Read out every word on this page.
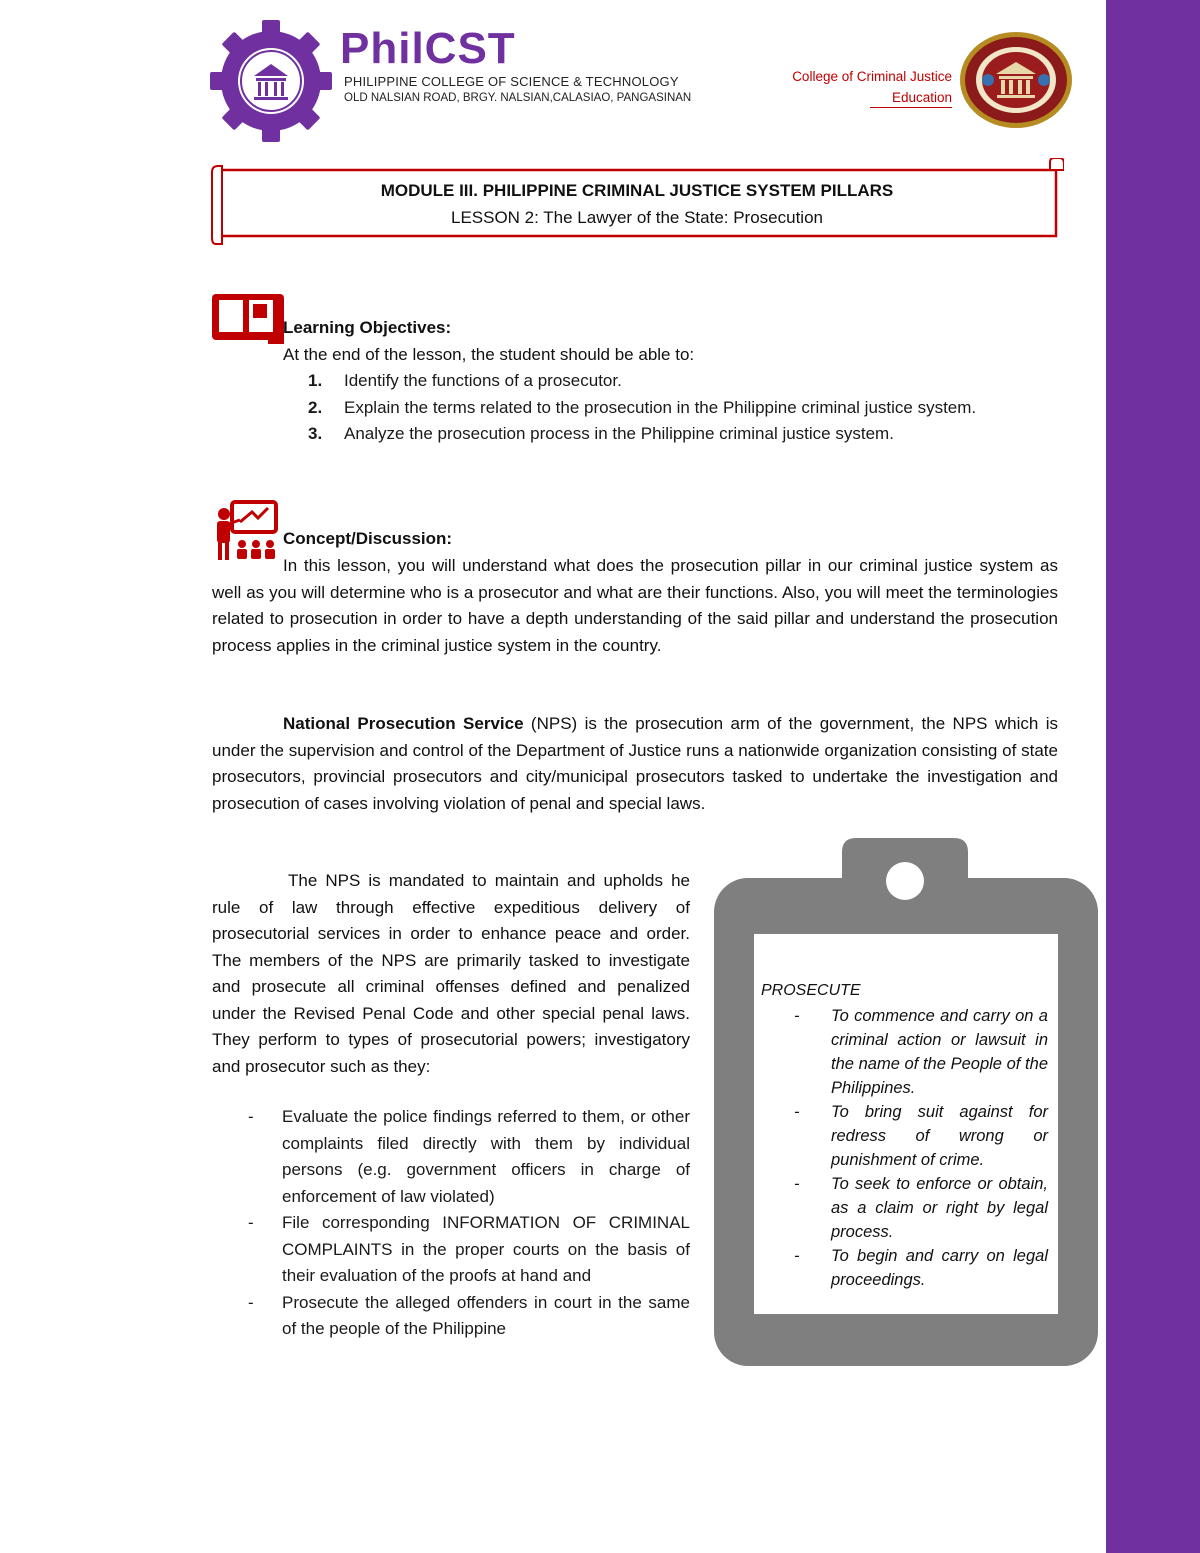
PhilCST
PHILIPPINE COLLEGE OF SCIENCE & TECHNOLOGY
OLD NALSIAN ROAD, BRGY. NALSIAN,CALASIAO, PANGASINAN
College of Criminal Justice
Education
MODULE III. PHILIPPINE CRIMINAL JUSTICE SYSTEM PILLARS
LESSON 2: The Lawyer of the State: Prosecution
Learning Objectives:
At the end of the lesson, the student should be able to:
1. Identify the functions of a prosecutor.
2. Explain the terms related to the prosecution in the Philippine criminal justice system.
3. Analyze the prosecution process in the Philippine criminal justice system.
Concept/Discussion:
In this lesson, you will understand what does the prosecution pillar in our criminal justice system as well as you will determine who is a prosecutor and what are their functions. Also, you will meet the terminologies related to prosecution in order to have a depth understanding of the said pillar and understand the prosecution process applies in the criminal justice system in the country.
National Prosecution Service (NPS) is the prosecution arm of the government, the NPS which is under the supervision and control of the Department of Justice runs a nationwide organization consisting of state prosecutors, provincial prosecutors and city/municipal prosecutors tasked to undertake the investigation and prosecution of cases involving violation of penal and special laws.
The NPS is mandated to maintain and upholds he rule of law through effective expeditious delivery of prosecutorial services in order to enhance peace and order. The members of the NPS are primarily tasked to investigate and prosecute all criminal offenses defined and penalized under the Revised Penal Code and other special penal laws. They perform to types of prosecutorial powers; investigatory and prosecutor such as they:
- Evaluate the police findings referred to them, or other complaints filed directly with them by individual persons (e.g. government officers in charge of enforcement of law violated)
- File corresponding INFORMATION OF CRIMINAL COMPLAINTS in the proper courts on the basis of their evaluation of the proofs at hand and
- Prosecute the alleged offenders in court in the same of the people of the Philippine
PROSECUTE
- To commence and carry on a criminal action or lawsuit in the name of the People of the Philippines.
- To bring suit against for redress of wrong or punishment of crime.
- To seek to enforce or obtain, as a claim or right by legal process.
- To begin and carry on legal proceedings.
